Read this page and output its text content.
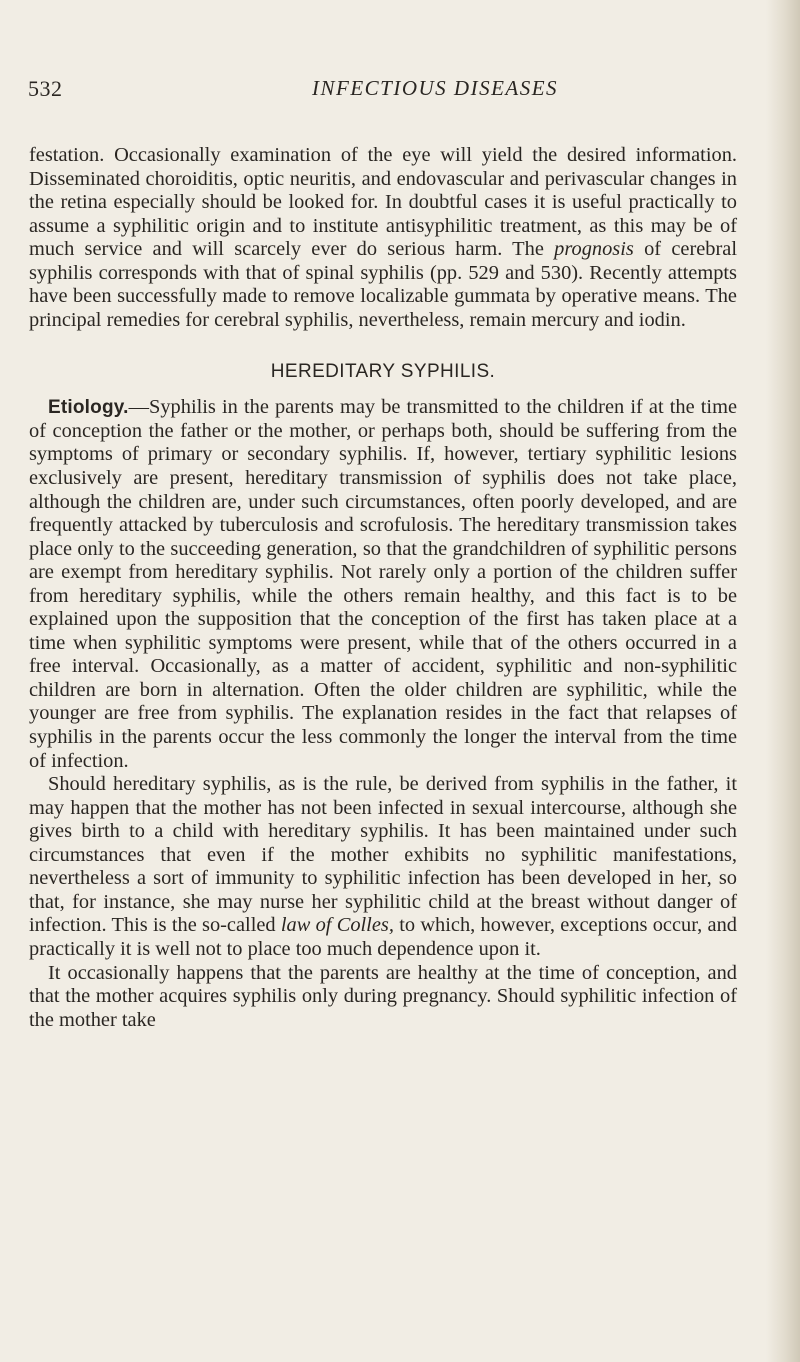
532	INFECTIOUS DISEASES

festation. Occasionally examination of the eye will yield the desired information. Disseminated choroiditis, optic neuritis, and endovascular and perivascular changes in the retina especially should be looked for. In doubtful cases it is useful practically to assume a syphilitic origin and to institute antisyphilitic treatment, as this may be of much service and will scarcely ever do serious harm. The prognosis of cerebral syphilis corresponds with that of spinal syphilis (pp. 529 and 530). Recently attempts have been successfully made to remove localizable gummata by operative means. The principal remedies for cerebral syphilis, nevertheless, remain mercury and iodin.

HEREDITARY SYPHILIS.

Etiology.—Syphilis in the parents may be transmitted to the children if at the time of conception the father or the mother, or perhaps both, should be suffering from the symptoms of primary or secondary syphilis. If, however, tertiary syphilitic lesions exclusively are present, hereditary transmission of syphilis does not take place, although the children are, under such circumstances, often poorly developed, and are frequently attacked by tuberculosis and scrofulosis. The hereditary transmission takes place only to the succeeding generation, so that the grandchildren of syphilitic persons are exempt from hereditary syphilis. Not rarely only a portion of the children suffer from hereditary syphilis, while the others remain healthy, and this fact is to be explained upon the supposition that the conception of the first has taken place at a time when syphilitic symptoms were present, while that of the others occurred in a free interval. Occasionally, as a matter of accident, syphilitic and non-syphilitic children are born in alternation. Often the older children are syphilitic, while the younger are free from syphilis. The explanation resides in the fact that relapses of syphilis in the parents occur the less commonly the longer the interval from the time of infection.

Should hereditary syphilis, as is the rule, be derived from syphilis in the father, it may happen that the mother has not been infected in sexual intercourse, although she gives birth to a child with hereditary syphilis. It has been maintained under such circumstances that even if the mother exhibits no syphilitic manifestations, nevertheless a sort of immunity to syphilitic infection has been developed in her, so that, for instance, she may nurse her syphilitic child at the breast without danger of infection. This is the so-called law of Colles, to which, however, exceptions occur, and practically it is well not to place too much dependence upon it.

It occasionally happens that the parents are healthy at the time of conception, and that the mother acquires syphilis only during pregnancy. Should syphilitic infection of the mother take
